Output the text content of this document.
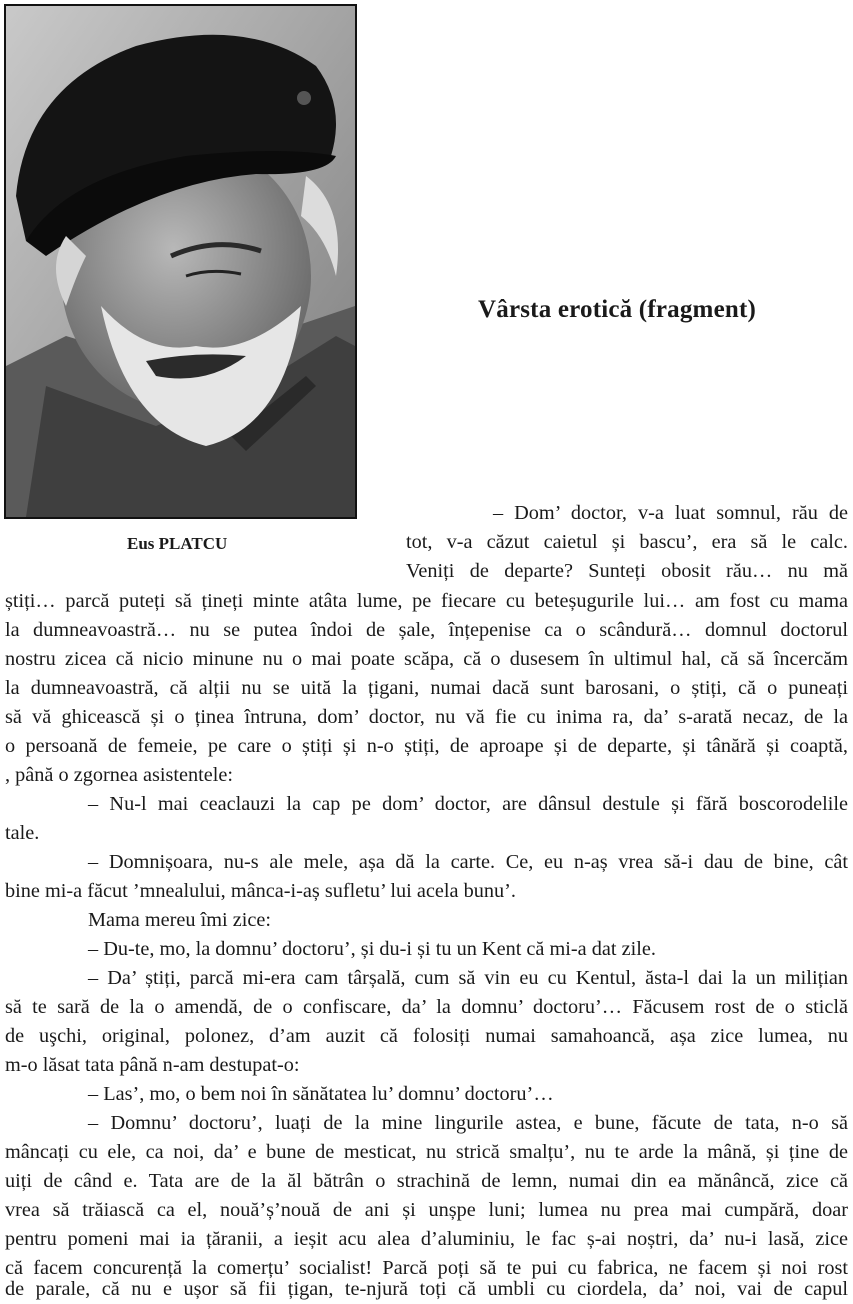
Eus PLATCU
Vârsta erotică (fragment)
– Dom’ doctor, v-a luat somnul, rău de
tot, v-a căzut caietul și bascu’, era să le calc.
Veniți de departe? Sunteți obosit rău… nu mă
știți… parcă puteți să țineți minte atâta lume, pe fiecare cu beteșugurile lui… am fost cu mama
la dumneavoastră… nu se putea îndoi de șale, înțepenise ca o scândură… domnul doctorul
nostru zicea că nicio minune nu o mai poate scăpa, că o dusesem în ultimul hal, că să încercăm
la dumneavoastră, că alții nu se uită la țigani, numai dacă sunt barosani, o știți, că o puneați
să vă ghicească și o ținea întruna, dom’ doctor, nu vă fie cu inima ra, da’ s-arată necaz, de la
o persoană de femeie, pe care o știți și n-o știți, de aproape și de departe, și tânără și coaptă,
, până o zgornea asistentele:
– Nu-l mai ceaclauzi la cap pe dom’ doctor, are dânsul destule și fără boscorodelile
tale.
– Domnișoara, nu-s ale mele, așa dă la carte. Ce, eu n-aș vrea să-i dau de bine, cât
bine mi-a făcut ’mnealului, mânca-i-aș sufletu’ lui acela bunu’.
Mama mereu îmi zice:
– Du-te, mo, la domnu’ doctoru’, și du-i și tu un Kent că mi-a dat zile.
– Da’ știți, parcă mi-era cam târșală, cum să vin eu cu Kentul, ăsta-l dai la un milițian
să te sară de la o amendă, de o confiscare, da’ la domnu’ doctoru’… Făcusem rost de o sticlă
de uşchi, original, polonez, d’am auzit că folosiți numai samahoancă, așa zice lumea, nu
m-o lăsat tata până n-am destupat-o:
– Las’, mo, o bem noi în sănătatea lu’ domnu’ doctoru’…
– Domnu’ doctoru’, luați de la mine lingurile astea, e bune, făcute de tata, n-o să
mâncați cu ele, ca noi, da’ e bune de mesticat, nu strică smalțu’, nu te arde la mână, și ține de
uiți de când e. Tata are de la ăl bătrân o strachină de lemn, numai din ea mănâncă, zice că
vrea să trăiască ca el, nouă’ș’nouă de ani și unșpe luni; lumea nu prea mai cumpără, doar
pentru pomeni mai ia țăranii, a ieșit acu alea d’aluminiu, le fac ș-ai noștri, da’ nu-i lasă, zice
că facem concurență la comerțu’ socialist! Parcă poți să te pui cu fabrica, ne facem și noi rost
de parale, că nu e ușor să fii țigan, te-njură toți că umbli cu ciordela, da’ noi, vai de capul
